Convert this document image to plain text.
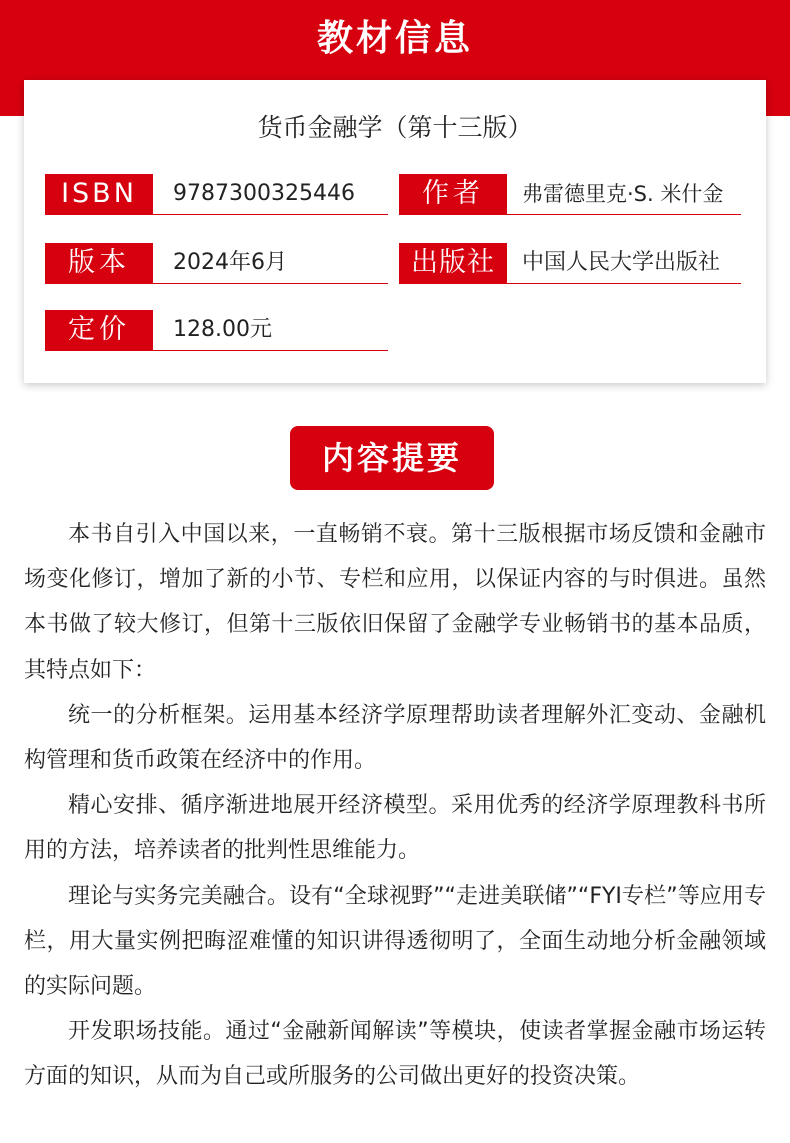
教材信息
货币金融学（第十三版）
ISBN	9787300325446	作者	弗雷德里克·S. 米什金
版本	2024年6月	出版社	中国人民大学出版社
定价	128.00元
内容提要

本书自引入中国以来，一直畅销不衰。第十三版根据市场反馈和金融市场变化修订，增加了新的小节、专栏和应用，以保证内容的与时俱进。虽然本书做了较大修订，但第十三版依旧保留了金融学专业畅销书的基本品质，其特点如下：

统一的分析框架。运用基本经济学原理帮助读者理解外汇变动、金融机构管理和货币政策在经济中的作用。

精心安排、循序渐进地展开经济模型。采用优秀的经济学原理教科书所用的方法，培养读者的批判性思维能力。

理论与实务完美融合。设有“全球视野”“走进美联储”“FYI专栏”等应用专栏，用大量实例把晦涩难懂的知识讲得透彻明了，全面生动地分析金融领域的实际问题。

开发职场技能。通过“金融新闻解读”等模块，使读者掌握金融市场运转方面的知识，从而为自己或所服务的公司做出更好的投资决策。
